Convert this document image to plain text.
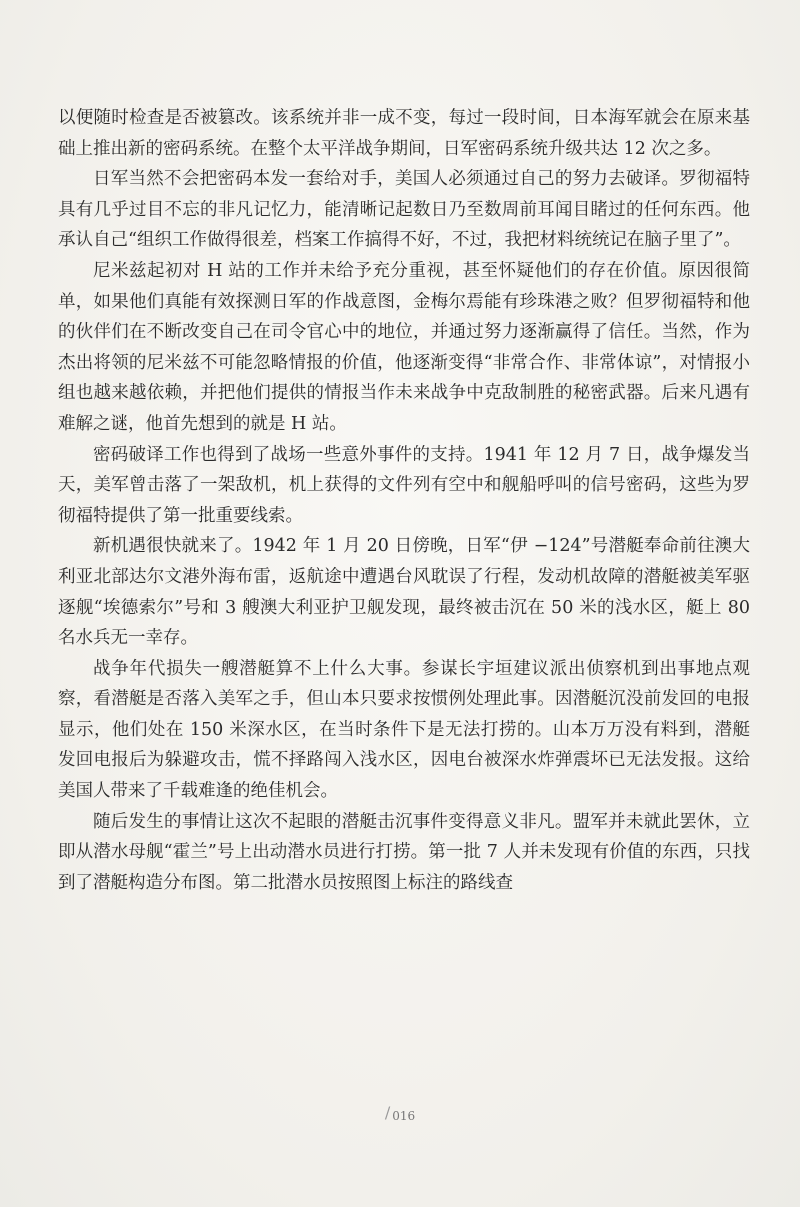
以便随时检查是否被篡改。该系统并非一成不变，每过一段时间，日本海军就会在原来基础上推出新的密码系统。在整个太平洋战争期间，日军密码系统升级共达 12 次之多。

日军当然不会把密码本发一套给对手，美国人必须通过自己的努力去破译。罗彻福特具有几乎过目不忘的非凡记忆力，能清晰记起数日乃至数周前耳闻目睹过的任何东西。他承认自己“组织工作做得很差，档案工作搞得不好，不过，我把材料统统记在脑子里了”。

尼米兹起初对 H 站的工作并未给予充分重视，甚至怀疑他们的存在价值。原因很简单，如果他们真能有效探测日军的作战意图，金梅尔焉能有珍珠港之败？但罗彻福特和他的伙伴们在不断改变自己在司令官心中的地位，并通过努力逐渐赢得了信任。当然，作为杰出将领的尼米兹不可能忽略情报的价值，他逐渐变得“非常合作、非常体谅”，对情报小组也越来越依赖，并把他们提供的情报当作未来战争中克敌制胜的秘密武器。后来凡遇有难解之谜，他首先想到的就是 H 站。

密码破译工作也得到了战场一些意外事件的支持。1941 年 12 月 7 日，战争爆发当天，美军曾击落了一架敌机，机上获得的文件列有空中和舰船呼叫的信号密码，这些为罗彻福特提供了第一批重要线索。

新机遇很快就来了。1942 年 1 月 20 日傍晚，日军“伊 −124”号潜艇奉命前往澳大利亚北部达尔文港外海布雷，返航途中遭遇台风耽误了行程，发动机故障的潜艇被美军驱逐舰“埃德索尔”号和 3 艘澳大利亚护卫舰发现，最终被击沉在 50 米的浅水区，艇上 80 名水兵无一幸存。

战争年代损失一艘潜艇算不上什么大事。参谋长宇垣建议派出侦察机到出事地点观察，看潜艇是否落入美军之手，但山本只要求按惯例处理此事。因潜艇沉没前发回的电报显示，他们处在 150 米深水区，在当时条件下是无法打捞的。山本万万没有料到，潜艇发回电报后为躲避攻击，慌不择路闯入浅水区，因电台被深水炸弹震坏已无法发报。这给美国人带来了千载难逢的绝佳机会。

随后发生的事情让这次不起眼的潜艇击沉事件变得意义非凡。盟军并未就此罢休，立即从潜水母舰“霍兰”号上出动潜水员进行打捞。第一批 7 人并未发现有价值的东西，只找到了潜艇构造分布图。第二批潜水员按照图上标注的路线查

/ 016
